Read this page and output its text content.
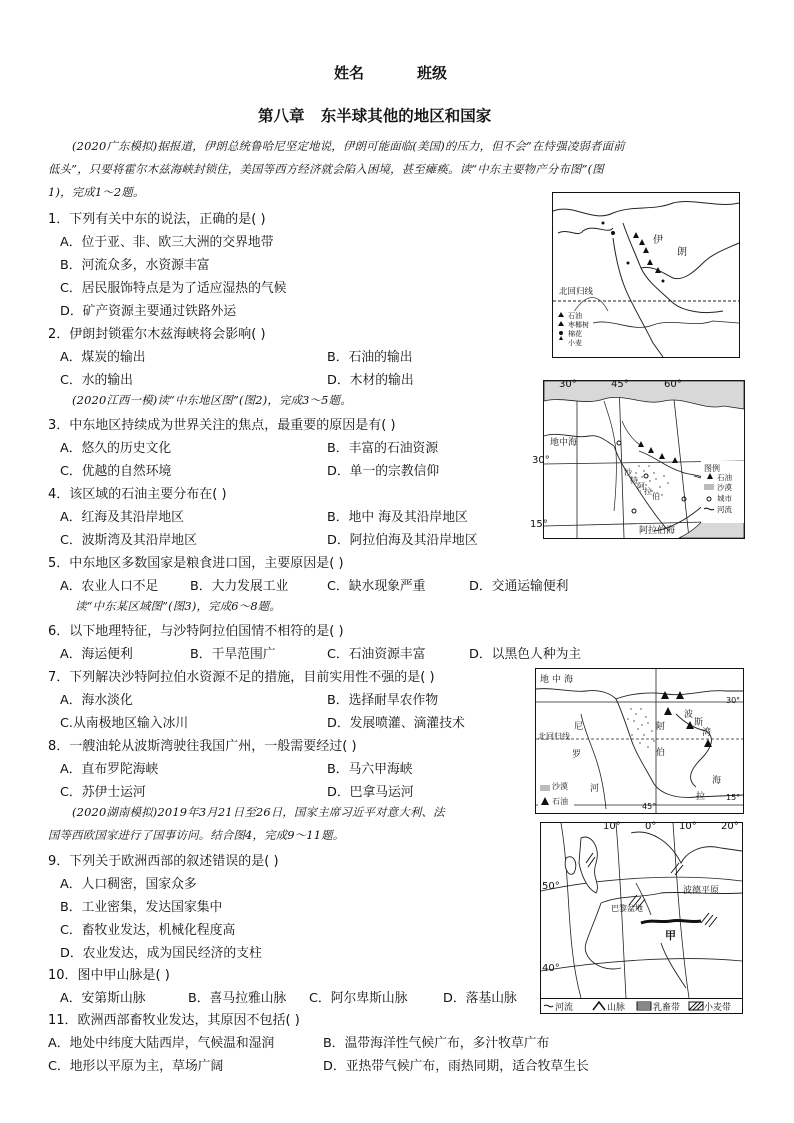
姓名	班级
第八章   东半球其他的地区和国家
(2020广东模拟)据报道，伊朗总统鲁哈尼坚定地说，伊朗可能面临(美国)的压力，但不会“在恃强凌弱者面前
低头”，只要将霍尔木兹海峡封锁住，美国等西方经济就会陷入困境，甚至瘫痪。读“中东主要物产分布图”(图
1)，完成1～2题。
1．下列有关中东的说法，正确的是( )
A．位于亚、非、欧三大洲的交界地带
B．河流众多，水资源丰富
C．居民服饰特点是为了适应湿热的气候
D．矿产资源主要通过铁路外运
2．伊朗封锁霍尔木兹海峡将会影响( )
A．煤炭的输出	B．石油的输出
C．水的输出	D．木材的输出
(2020江西一模)读“中东地区图”(图2)，完成3～5题。
3．中东地区持续成为世界关注的焦点，最重要的原因是有( )
A．悠久的历史文化	B．丰富的石油资源
C．优越的自然环境	D．单一的宗教信仰
4．该区域的石油主要分布在( )
A．红海及其沿岸地区	B．地中 海及其沿岸地区
C．波斯湾及其沿岸地区	D．阿拉伯海及其沿岸地区
5．中东地区多数国家是粮食进口国，主要原因是( )
A．农业人口不足 B．大力发展工业	C．缺水现象严重	D．交通运输便利
读“中东某区域图”(图3)，完成6～8题。
6．以下地理特征，与沙特阿拉伯国情不相符的是( )
A．海运便利	B．干旱范围广	C．石油资源丰富	D．以黑色人种为主
7．下列解决沙特阿拉伯水资源不足的措施，目前实用性不强的是( )
A．海水淡化	B．选择耐旱农作物
C.从南极地区输入冰川	D．发展喷灌、滴灌技术
8．一艘油轮从波斯湾驶往我国广州，一般需要经过( )
A．直布罗陀海峡	B．马六甲海峡
C．苏伊士运河	D．巴拿马运河
(2020湖南模拟)2019年3月21日至26日，国家主席习近平对意大利、法
国等西欧国家进行了国事访问。结合图4，完成9～11题。
9．下列关于欧洲西部的叙述错误的是( )
A．人口稠密，国家众多
B．工业密集，发达国家集中
C．畜牧业发达，机械化程度高
D．农业发达，成为国民经济的支柱
10．图中甲山脉是( )
A．安第斯山脉	B．喜马拉雅山脉 C．阿尔卑斯山脉	D．落基山脉
11．欧洲西部畜牧业发达，其原因不包括( )
A．地处中纬度大陆西岸，气候温和湿润	B．温带海洋性气候广布，多汁牧草广布
C．地形以平原为主，草场广阔	D．亚热带气候广布，雨热同期，适合牧草生长
伊
朗
北回归线
石油
枣椰树
棉花
小麦
30°	45°	60°
30°
15°
地中海
阿拉伯海
沙
特
阿
拉
伯
图例
石油
沙漠
城市
河流
地 中 海
北回归线
30°
15°
45°
尼
罗
河
波
斯
湾
阿
拉
海
伯
沙漠
石油
10° 0° 10° 20°
50°
40°
波德平原
巴黎盆地
甲
河流	山脉	乳畜带	小麦带
